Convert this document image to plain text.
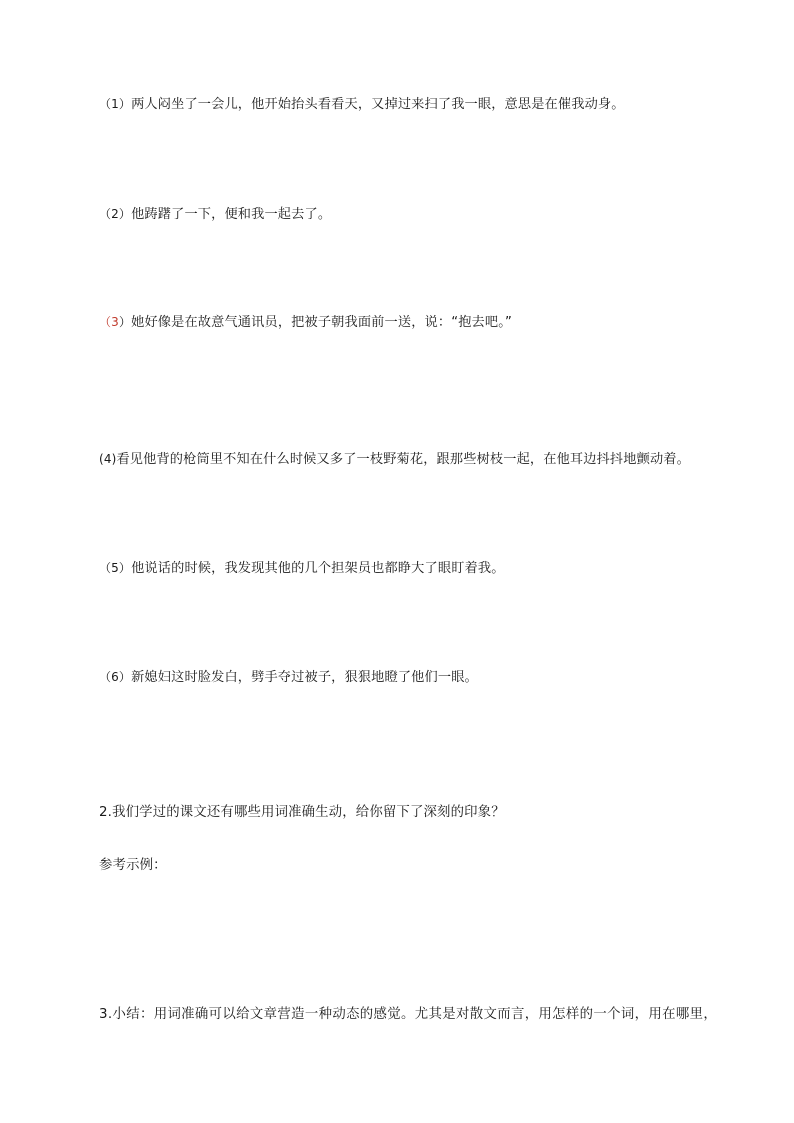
（1）两人闷坐了一会儿，他开始抬头看看天，又掉过来扫了我一眼，意思是在催我动身。
（2）他踌躇了一下，便和我一起去了。
（3）她好像是在故意气通讯员，把被子朝我面前一送，说：“抱去吧。”
(4)看见他背的枪筒里不知在什么时候又多了一枝野菊花，跟那些树枝一起，在他耳边抖抖地颤动着。
（5）他说话的时候，我发现其他的几个担架员也都睁大了眼盯着我。
（6）新媳妇这时脸发白，劈手夺过被子，狠狠地瞪了他们一眼。
2.我们学过的课文还有哪些用词准确生动，给你留下了深刻的印象？
参考示例：
3.小结：用词准确可以给文章营造一种动态的感觉。尤其是对散文而言，用怎样的一个词，用在哪里，
